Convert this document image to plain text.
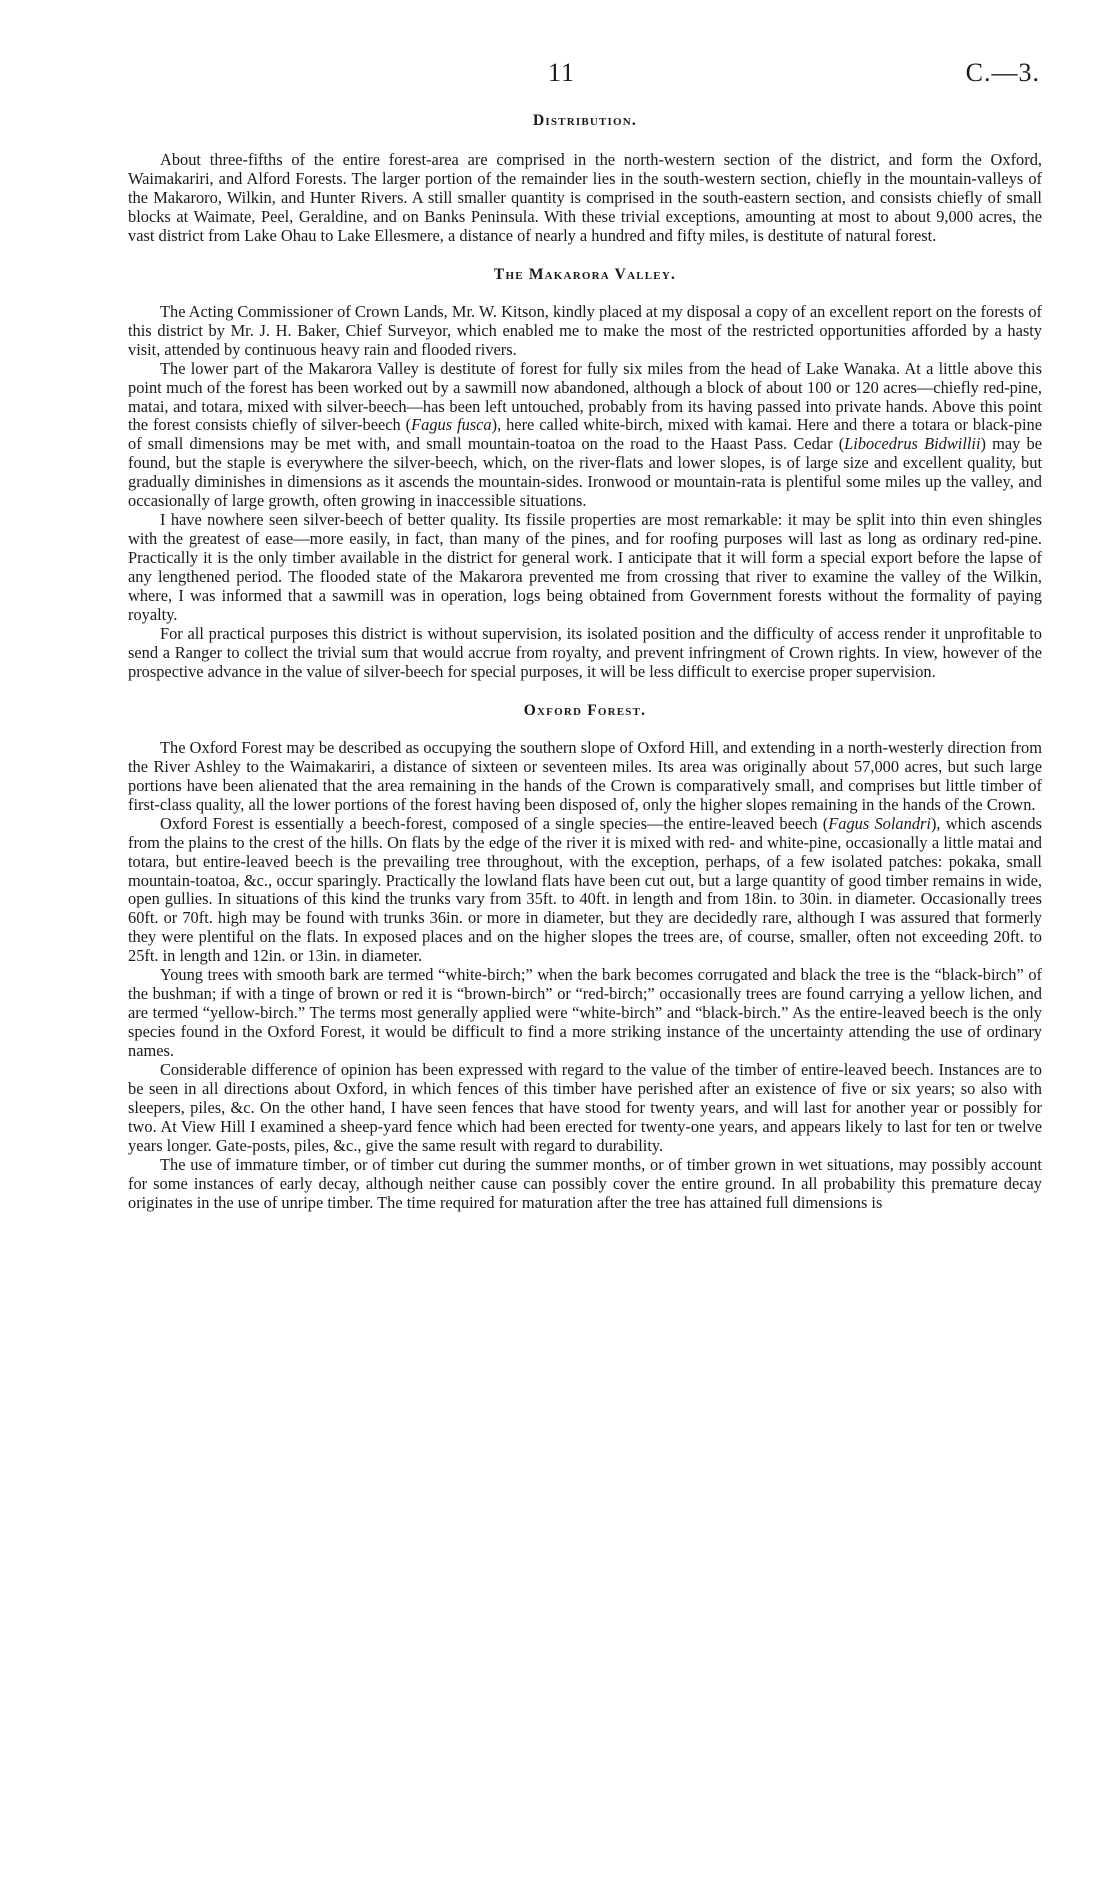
11	C.—3.
Distribution.

About three-fifths of the entire forest-area are comprised in the north-western section of the district, and form the Oxford, Waimakariri, and Alford Forests. The larger portion of the remainder lies in the south-western section, chiefly in the mountain-valleys of the Makaroro, Wilkin, and Hunter Rivers. A still smaller quantity is comprised in the south-eastern section, and consists chiefly of small blocks at Waimate, Peel, Geraldine, and on Banks Peninsula. With these trivial exceptions, amounting at most to about 9,000 acres, the vast district from Lake Ohau to Lake Ellesmere, a distance of nearly a hundred and fifty miles, is destitute of natural forest.

The Makarora Valley.

The Acting Commissioner of Crown Lands, Mr. W. Kitson, kindly placed at my disposal a copy of an excellent report on the forests of this district by Mr. J. H. Baker, Chief Surveyor, which enabled me to make the most of the restricted opportunities afforded by a hasty visit, attended by continuous heavy rain and flooded rivers.

The lower part of the Makarora Valley is destitute of forest for fully six miles from the head of Lake Wanaka. At a little above this point much of the forest has been worked out by a sawmill now abandoned, although a block of about 100 or 120 acres—chiefly red-pine, matai, and totara, mixed with silver-beech—has been left untouched, probably from its having passed into private hands. Above this point the forest consists chiefly of silver-beech (Fagus fusca), here called white-birch, mixed with kamai. Here and there a totara or black-pine of small dimensions may be met with, and small mountain-toatoa on the road to the Haast Pass. Cedar (Libocedrus Bidwillii) may be found, but the staple is everywhere the silver-beech, which, on the river-flats and lower slopes, is of large size and excellent quality, but gradually diminishes in dimensions as it ascends the mountain-sides. Ironwood or mountain-rata is plentiful some miles up the valley, and occasionally of large growth, often growing in inaccessible situations.

I have nowhere seen silver-beech of better quality. Its fissile properties are most remarkable: it may be split into thin even shingles with the greatest of ease—more easily, in fact, than many of the pines, and for roofing purposes will last as long as ordinary red-pine. Practically it is the only timber available in the district for general work. I anticipate that it will form a special export before the lapse of any lengthened period. The flooded state of the Makarora prevented me from crossing that river to examine the valley of the Wilkin, where, I was informed that a sawmill was in operation, logs being obtained from Government forests without the formality of paying royalty.

For all practical purposes this district is without supervision, its isolated position and the difficulty of access render it unprofitable to send a Ranger to collect the trivial sum that would accrue from royalty, and prevent infringment of Crown rights. In view, however of the prospective advance in the value of silver-beech for special purposes, it will be less difficult to exercise proper supervision.

Oxford Forest.

The Oxford Forest may be described as occupying the southern slope of Oxford Hill, and extending in a north-westerly direction from the River Ashley to the Waimakariri, a distance of sixteen or seventeen miles. Its area was originally about 57,000 acres, but such large portions have been alienated that the area remaining in the hands of the Crown is comparatively small, and comprises but little timber of first-class quality, all the lower portions of the forest having been disposed of, only the higher slopes remaining in the hands of the Crown.

Oxford Forest is essentially a beech-forest, composed of a single species—the entire-leaved beech (Fagus Solandri), which ascends from the plains to the crest of the hills. On flats by the edge of the river it is mixed with red- and white-pine, occasionally a little matai and totara, but entire-leaved beech is the prevailing tree throughout, with the exception, perhaps, of a few isolated patches: pokaka, small mountain-toatoa, &c., occur sparingly. Practically the lowland flats have been cut out, but a large quantity of good timber remains in wide, open gullies. In situations of this kind the trunks vary from 35ft. to 40ft. in length and from 18in. to 30in. in diameter. Occasionally trees 60ft. or 70ft. high may be found with trunks 36in. or more in diameter, but they are decidedly rare, although I was assured that formerly they were plentiful on the flats. In exposed places and on the higher slopes the trees are, of course, smaller, often not exceeding 20ft. to 25ft. in length and 12in. or 13in. in diameter.

Young trees with smooth bark are termed “white-birch;” when the bark becomes corrugated and black the tree is the “black-birch” of the bushman; if with a tinge of brown or red it is “brown-birch” or “red-birch;” occasionally trees are found carrying a yellow lichen, and are termed “yellow-birch.” The terms most generally applied were “white-birch” and “black-birch.” As the entire-leaved beech is the only species found in the Oxford Forest, it would be difficult to find a more striking instance of the uncertainty attending the use of ordinary names.

Considerable difference of opinion has been expressed with regard to the value of the timber of entire-leaved beech. Instances are to be seen in all directions about Oxford, in which fences of this timber have perished after an existence of five or six years; so also with sleepers, piles, &c. On the other hand, I have seen fences that have stood for twenty years, and will last for another year or possibly for two. At View Hill I examined a sheep-yard fence which had been erected for twenty-one years, and appears likely to last for ten or twelve years longer. Gate-posts, piles, &c., give the same result with regard to durability.

The use of immature timber, or of timber cut during the summer months, or of timber grown in wet situations, may possibly account for some instances of early decay, although neither cause can possibly cover the entire ground. In all probability this premature decay originates in the use of unripe timber. The time required for maturation after the tree has attained full dimensions is
